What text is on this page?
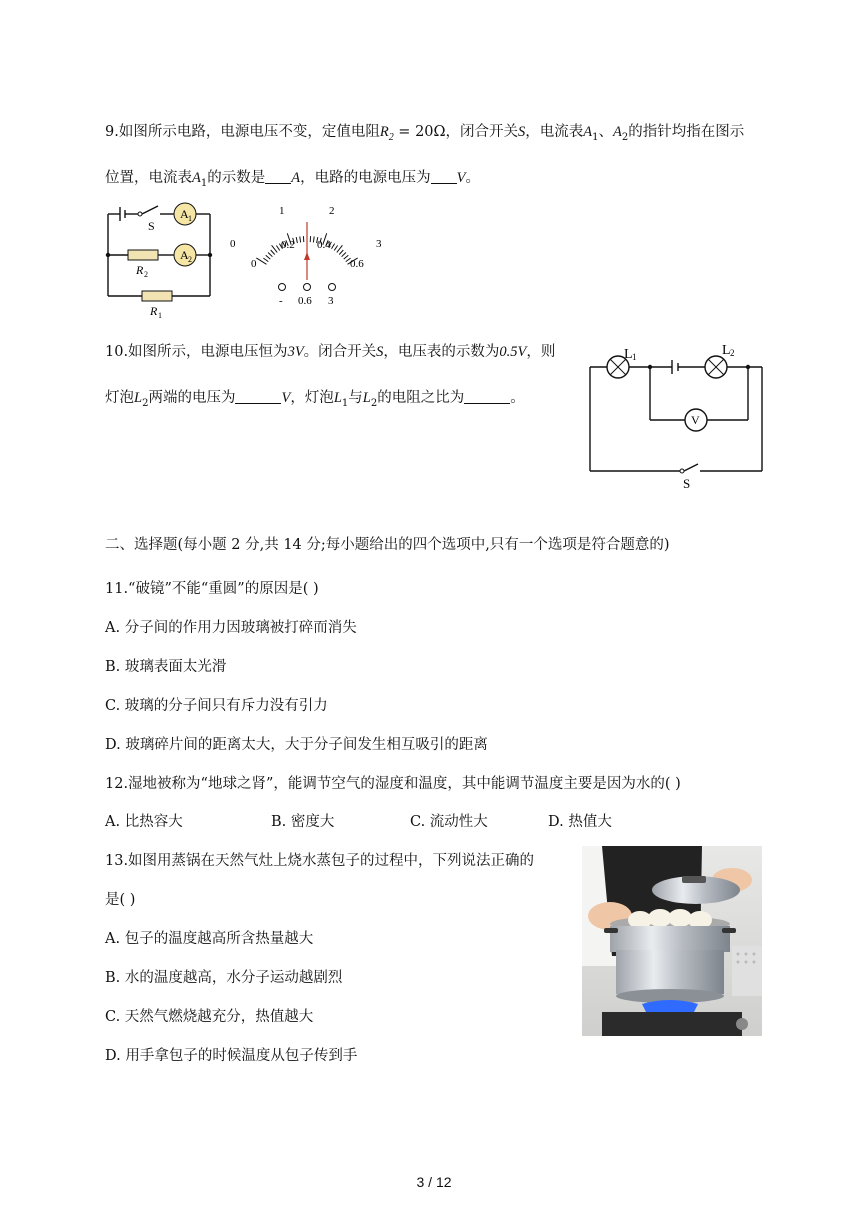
9.如图所示电路，电源电压不变，定值电阻$R_2 = 20\Omega$，闭合开关S，电流表$A_1$、$A_2$的指针均指在图示
位置，电流表$A_1$的示数是 A，电路的电源电压为 V。
A 1
A 2
S
R 2
R 1
0
1	2
3
0
0.2 0.4
0.6
- 0.6 3
10.如图所示，电源电压恒为3V。闭合开关S，电压表的示数为0.5V，则
灯泡$L_2$两端的电压为	V，灯泡$L_1$与$L_2$的电阻之比为	。
V
L 1	L 2
S
二、选择题(每小题 2 分,共 14 分;每小题给出的四个选项中,只有一个选项是符合题意的)
11.“破镜”不能“重圆”的原因是( )
A. 分子间的作用力因玻璃被打碎而消失
B. 玻璃表面太光滑
C. 玻璃的分子间只有斥力没有引力
D. 玻璃碎片间的距离太大，大于分子间发生相互吸引的距离
12.湿地被称为“地球之肾”，能调节空气的湿度和温度，其中能调节温度主要是因为水的( )
A. 比热容大	B. 密度大	C. 流动性大	D. 热值大
13.如图用蒸锅在天然气灶上烧水蒸包子的过程中，下列说法正确的
是( )
A. 包子的温度越高所含热量越大
B. 水的温度越高，水分子运动越剧烈
C. 天然气燃烧越充分，热值越大
D. 用手拿包子的时候温度从包子传到手
3 / 12
